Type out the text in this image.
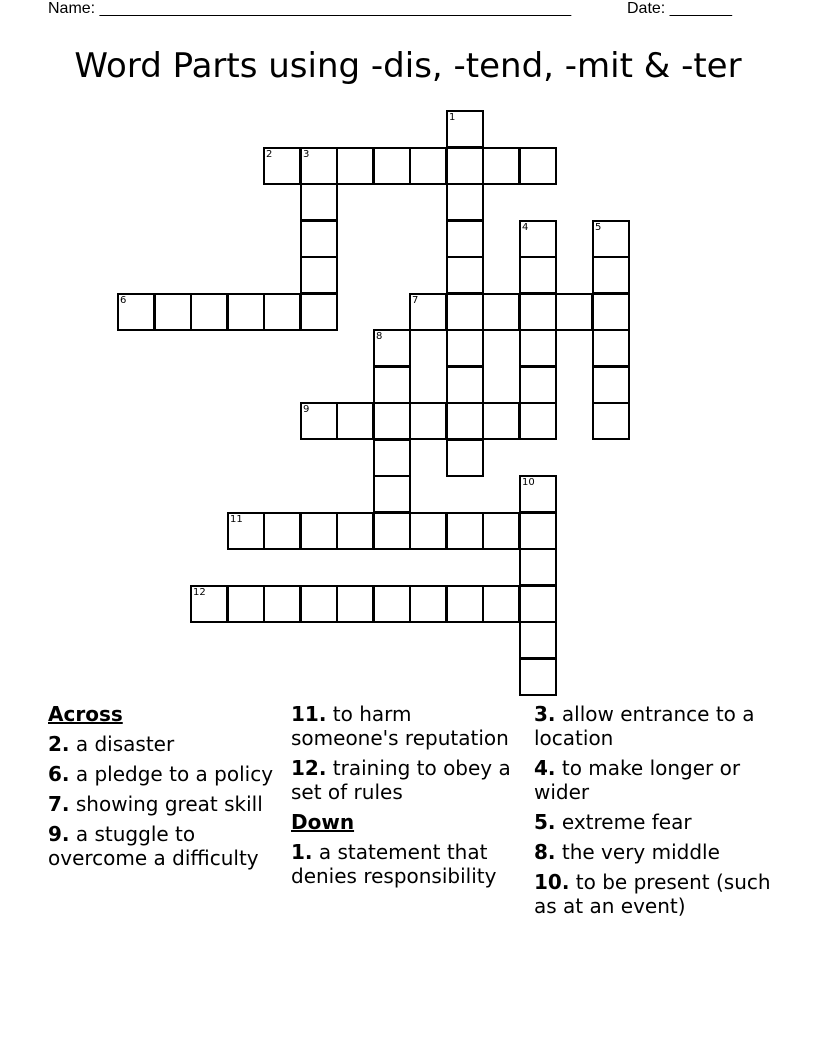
Name: _____________________________________________________	Date: _______
Word Parts using -dis, -tend, -mit & -ter
2	3
6	7
9
11
12
1
4	5
8
10
Across
2. a disaster
6. a pledge to a policy
7. showing great skill
9. a stuggle to overcome a difficulty
11. to harm someone's reputation
12. training to obey a set of rules
Down
1. a statement that denies responsibility
3. allow entrance to a location
4. to make longer or wider
5. extreme fear
8. the very middle
10. to be present (such as at an event)
